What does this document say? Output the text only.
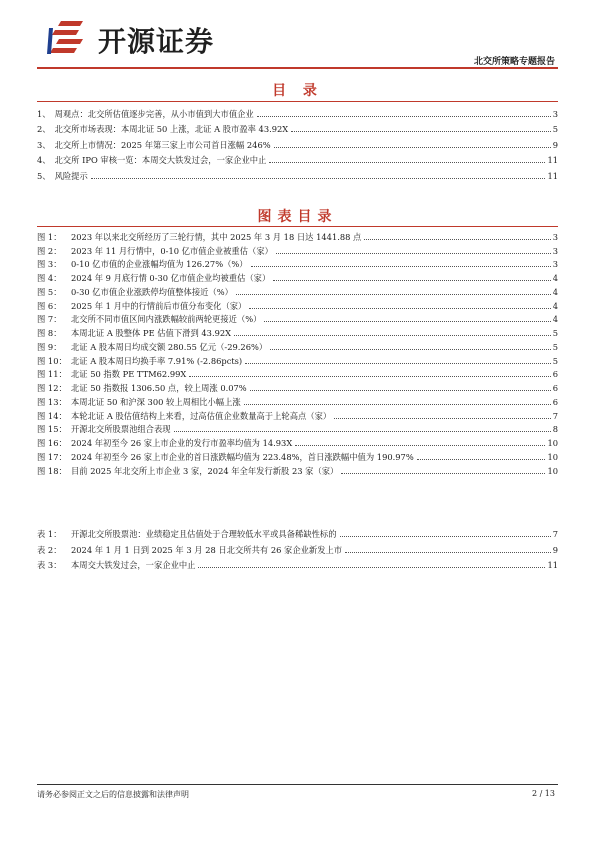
开源证券
北交所策略专题报告
目 录
1、 周观点：北交所估值逐步完善，从小市值到大市值企业	3
2、 北交所市场表现：本周北证 50 上涨，北证 A 股市盈率 43.92X	5
3、 北交所上市情况：2025 年第三家上市公司首日涨幅 246%	9
4、 北交所 IPO 审核一览：本周交大铁发过会，一家企业中止	11
5、 风险提示	11
图表目录
图 1：	2023 年以来北交所经历了三轮行情，其中 2025 年 3 月 18 日达 1441.88 点	3
图 2：	2023 年 11 月行情中，0-10 亿市值企业被重估（家）	3
图 3：	0-10 亿市值的企业涨幅均值为 126.27%（%）	3
图 4：	2024 年 9 月底行情 0-30 亿市值企业均被重估（家）	4
图 5：	0-30 亿市值企业涨跌停均值整体接近（%）	4
图 6：	2025 年 1 月中的行情前后市值分布变化（家）	4
图 7：	北交所不同市值区间内涨跌幅较前两轮更接近（%）	4
图 8：	本周北证 A 股整体 PE 估值下滑到 43.92X	5
图 9：	北证 A 股本周日均成交额 280.55 亿元（-29.26%）	5
图 10： 北证 A 股本周日均换手率 7.91% (-2.86pcts)	5
图 11： 北证 50 指数 PE TTM62.99X	6
图 12： 北证 50 指数报 1306.50 点，较上周涨 0.07%	6
图 13： 本周北证 50 和沪深 300 较上周相比小幅上涨	6
图 14： 本轮北证 A 股估值结构上来看，过高估值企业数量高于上轮高点（家）	7
图 15： 开源北交所股票池组合表现	8
图 16： 2024 年初至今 26 家上市企业的发行市盈率均值为 14.93X	10
图 17： 2024 年初至今 26 家上市企业的首日涨跌幅均值为 223.48%，首日涨跌幅中值为 190.97%	10
图 18： 目前 2025 年北交所上市企业 3 家，2024 年全年发行新股 23 家（家）	10
表 1：	开源北交所股票池：业绩稳定且估值处于合理较低水平或具备稀缺性标的	7
表 2：	2024 年 1 月 1 日到 2025 年 3 月 28 日北交所共有 26 家企业新发上市	9
表 3：	本周交大铁发过会，一家企业中止	11
请务必参阅正文之后的信息披露和法律声明	2 / 13
